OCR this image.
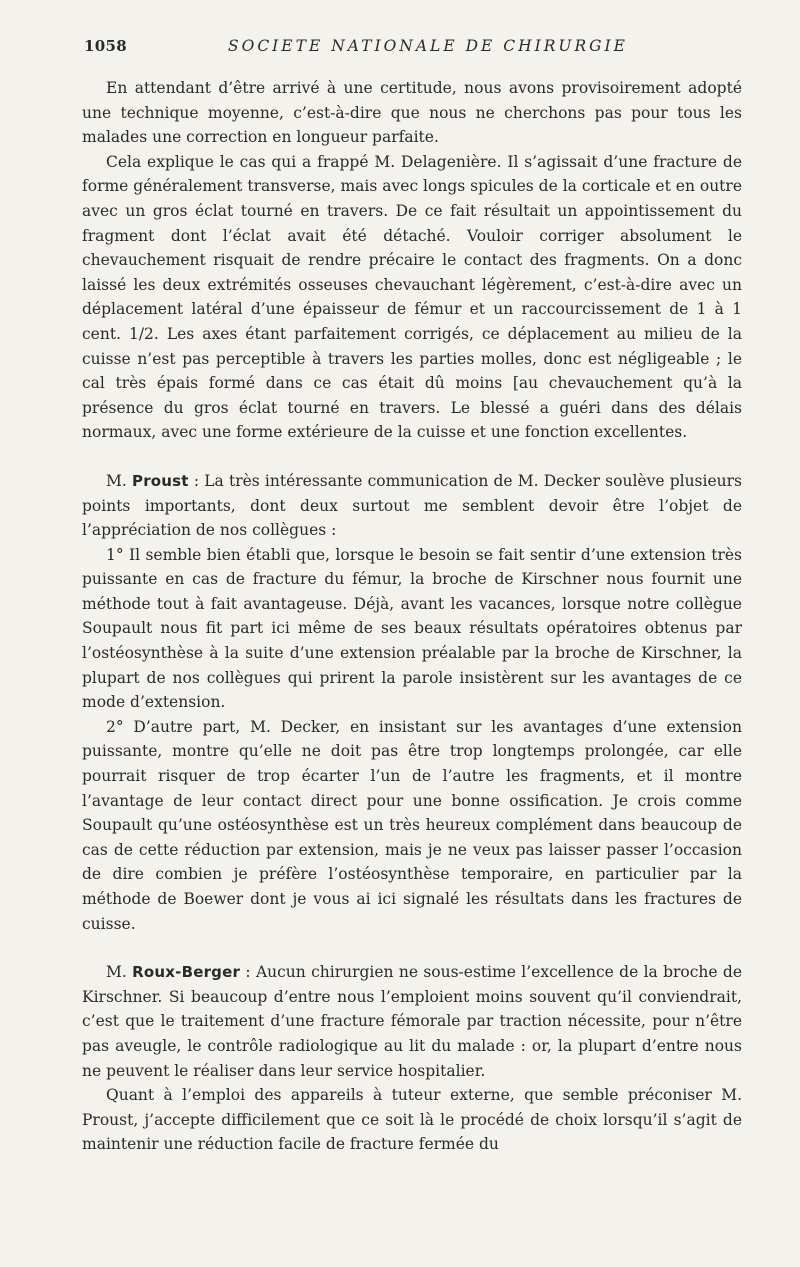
1058	SOCIETE NATIONALE DE CHIRURGIE

En attendant d’être arrivé à une certitude, nous avons provisoirement adopté une technique moyenne, c’est-à-dire que nous ne cherchons pas pour tous les malades une correction en longueur parfaite.

Cela explique le cas qui a frappé M. Delagenière. Il s’agissait d’une fracture de forme généralement transverse, mais avec longs spicules de la corticale et en outre avec un gros éclat tourné en travers. De ce fait résultait un appointissement du fragment dont l’éclat avait été détaché. Vouloir corriger absolument le chevauchement risquait de rendre précaire le contact des fragments. On a donc laissé les deux extrémités osseuses chevauchant légèrement, c’est-à-dire avec un déplacement latéral d’une épaisseur de fémur et un raccourcissement de 1 à 1 cent. 1/2. Les axes étant parfaitement corrigés, ce déplacement au milieu de la cuisse n’est pas perceptible à travers les parties molles, donc est négligeable ; le cal très épais formé dans ce cas était dû moins [au chevauchement qu’à la présence du gros éclat tourné en travers. Le blessé a guéri dans des délais normaux, avec une forme extérieure de la cuisse et une fonction excellentes.

M. Proust : La très intéressante communication de M. Decker soulève plusieurs points importants, dont deux surtout me semblent devoir être l’objet de l’appréciation de nos collègues :

1° Il semble bien établi que, lorsque le besoin se fait sentir d’une extension très puissante en cas de fracture du fémur, la broche de Kirschner nous fournit une méthode tout à fait avantageuse. Déjà, avant les vacances, lorsque notre collègue Soupault nous fit part ici même de ses beaux résultats opératoires obtenus par l’ostéosynthèse à la suite d’une extension préalable par la broche de Kirschner, la plupart de nos collègues qui prirent la parole insistèrent sur les avantages de ce mode d’extension.

2° D’autre part, M. Decker, en insistant sur les avantages d’une extension puissante, montre qu’elle ne doit pas être trop longtemps prolongée, car elle pourrait risquer de trop écarter l’un de l’autre les fragments, et il montre l’avantage de leur contact direct pour une bonne ossification. Je crois comme Soupault qu’une ostéosynthèse est un très heureux complément dans beaucoup de cas de cette réduction par extension, mais je ne veux pas laisser passer l’occasion de dire combien je préfère l’ostéosynthèse temporaire, en particulier par la méthode de Boewer dont je vous ai ici signalé les résultats dans les fractures de cuisse.

M. Roux-Berger : Aucun chirurgien ne sous-estime l’excellence de la broche de Kirschner. Si beaucoup d’entre nous l’emploient moins souvent qu’il conviendrait, c’est que le traitement d’une fracture fémorale par traction nécessite, pour n’être pas aveugle, le contrôle radiologique au lit du malade : or, la plupart d’entre nous ne peuvent le réaliser dans leur service hospitalier.

Quant à l’emploi des appareils à tuteur externe, que semble préconiser M. Proust, j’accepte difficilement que ce soit là le procédé de choix lorsqu’il s’agit de maintenir une réduction facile de fracture fermée du
